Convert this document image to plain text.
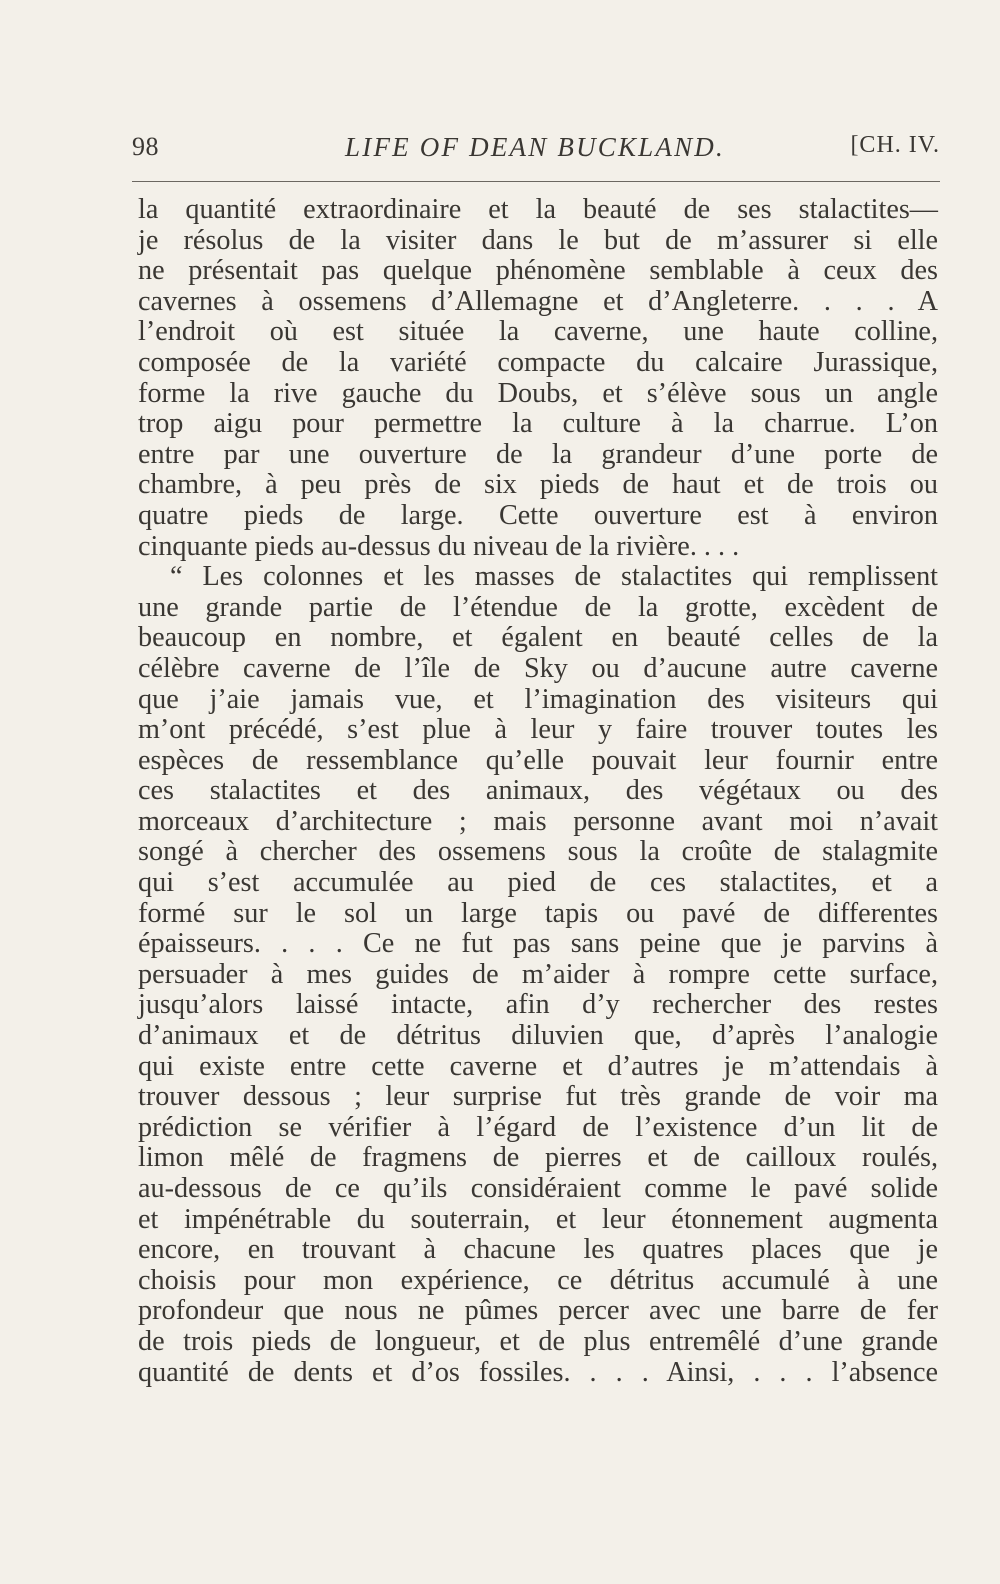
98	LIFE OF DEAN BUCKLAND.	[CH. IV.
la quantité extraordinaire et la beauté de ses stalactites—
je résolus de la visiter dans le but de m’assurer si elle
ne présentait pas quelque phénomène semblable à ceux des
cavernes à ossemens d’Allemagne et d’Angleterre. . . . A
l’endroit où est située la caverne, une haute colline,
composée de la variété compacte du calcaire Jurassique,
forme la rive gauche du Doubs, et s’élève sous un angle
trop aigu pour permettre la culture à la charrue. L’on
entre par une ouverture de la grandeur d’une porte de
chambre, à peu près de six pieds de haut et de trois ou
quatre pieds de large. Cette ouverture est à environ
cinquante pieds au-dessus du niveau de la rivière. . . .
“ Les colonnes et les masses de stalactites qui remplissent
une grande partie de l’étendue de la grotte, excèdent de
beaucoup en nombre, et égalent en beauté celles de la
célèbre caverne de l’île de Sky ou d’aucune autre caverne
que j’aie jamais vue, et l’imagination des visiteurs qui
m’ont précédé, s’est plue à leur y faire trouver toutes les
espèces de ressemblance qu’elle pouvait leur fournir entre
ces stalactites et des animaux, des végétaux ou des
morceaux d’architecture ; mais personne avant moi n’avait
songé à chercher des ossemens sous la croûte de stalagmite
qui s’est accumulée au pied de ces stalactites, et a
formé sur le sol un large tapis ou pavé de differentes
épaisseurs. . . . Ce ne fut pas sans peine que je parvins à
persuader à mes guides de m’aider à rompre cette surface,
jusqu’alors laissé intacte, afin d’y rechercher des restes
d’animaux et de détritus diluvien que, d’après l’analogie
qui existe entre cette caverne et d’autres je m’attendais à
trouver dessous ; leur surprise fut très grande de voir ma
prédiction se vérifier à l’égard de l’existence d’un lit de
limon mêlé de fragmens de pierres et de cailloux roulés,
au-dessous de ce qu’ils considéraient comme le pavé solide
et impénétrable du souterrain, et leur étonnement augmenta
encore, en trouvant à chacune les quatres places que je
choisis pour mon expérience, ce détritus accumulé à une
profondeur que nous ne pûmes percer avec une barre de fer
de trois pieds de longueur, et de plus entremêlé d’une grande
quantité de dents et d’os fossiles. . . . Ainsi, . . . l’absence
